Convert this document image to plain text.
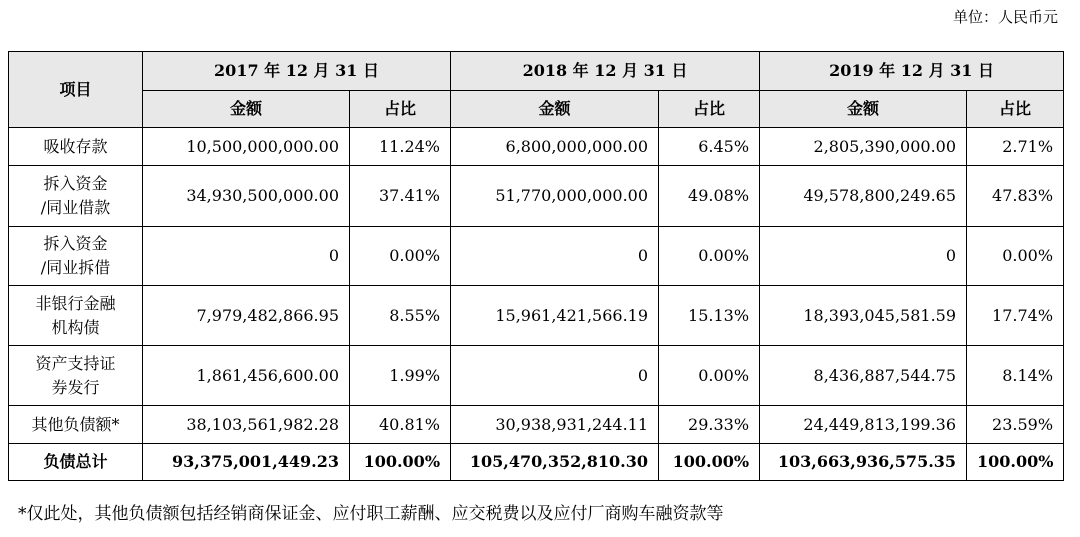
单位：人民币元
项目	2017 年 12 月 31 日		2018 年 12 月 31 日		2019 年 12 月 31 日	
	金额	占比	金额	占比	金额	占比
吸收存款	10,500,000,000.00	11.24%	6,800,000,000.00	6.45%	2,805,390,000.00	2.71%
拆入资金
/同业借款	34,930,500,000.00	37.41%	51,770,000,000.00	49.08%	49,578,800,249.65	47.83%
拆入资金
/同业拆借	0	0.00%	0	0.00%	0	0.00%
非银行金融
机构债	7,979,482,866.95	8.55%	15,961,421,566.19	15.13%	18,393,045,581.59	17.74%
资产支持证
券发行	1,861,456,600.00	1.99%	0	0.00%	8,436,887,544.75	8.14%
其他负债额*	38,103,561,982.28	40.81%	30,938,931,244.11	29.33%	24,449,813,199.36	23.59%
负债总计	93,375,001,449.23	100.00%	105,470,352,810.30	100.00%	103,663,936,575.35	100.00%
*仅此处，其他负债额包括经销商保证金、应付职工薪酬、应交税费以及应付厂商购车融资款等
